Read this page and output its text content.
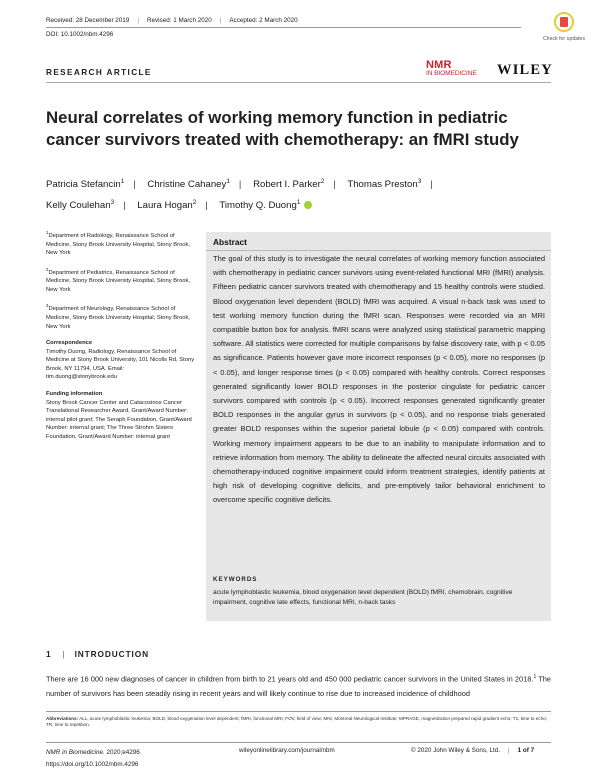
Received: 28 December 2019 | Revised: 1 March 2020 | Accepted: 2 March 2020
DOI: 10.1002/nbm.4296
Check for updates
RESEARCH ARTICLE
NMR
IN BIOMEDICINE	WILEY
Neural correlates of working memory function in pediatric cancer survivors treated with chemotherapy: an fMRI study
Patricia Stefancin$^1$ | Christine Cahaney$^1$ | Robert I. Parker$^2$ | Thomas Preston$^3$ |
Kelly Coulehan$^3$ | Laura Hogan$^2$ | Timothy Q. Duong$^1$
$^1$Department of Radiology, Renaissance School of Medicine, Stony Brook University Hospital, Stony Brook, New York
$^2$Department of Pediatrics, Renaissance School of Medicine, Stony Brook University Hospital, Stony Brook, New York
$^3$Department of Neurology, Renaissance School of Medicine, Stony Brook University Hospital, Stony Brook, New York
Correspondence
Timothy Duong, Radiology, Renaissance School of Medicine at Stony Brook University, 101 Nicolls Rd, Stony Brook, NY 11794, USA. Email: tim.duong@stonybrook.edu
Funding information
Stony Brook Cancer Center and Catacosinos Cancer Translational Researcher Award, Grant/Award Number: internal pilot grant; The Seraph Foundation, Grant/Award Number: internal grant; The Three Strohm Sisters Foundation, Grant/Award Number: internal grant
Abstract

The goal of this study is to investigate the neural correlates of working memory function associated with chemotherapy in pediatric cancer survivors using event-related functional MRI (fMRI) analysis. Fifteen pediatric cancer survivors treated with chemotherapy and 15 healthy controls were studied. Blood oxygenation level dependent (BOLD) fMRI was acquired. A visual n-back task was used to test working memory function during the fMRI scan. Responses were recorded via an MRI compatible button box for analysis. fMRI scans were analyzed using statistical parametric mapping software. All statistics were corrected for multiple comparisons by false discovery rate, with p < 0.05 as significance. Patients however gave more incorrect responses (p < 0.05), more no responses (p < 0.05), and longer response times (p < 0.05) compared with healthy controls. Correct responses generated significantly lower BOLD responses in the posterior cingulate for pediatric cancer survivors compared with controls (p < 0.05). Incorrect responses generated significantly greater BOLD responses in the angular gyrus in survivors (p < 0.05), and no response trials generated greater BOLD responses within the superior parietal lobule (p < 0.05) compared with controls. Working memory impairment appears to be due to an inability to manipulate information and to retrieve information from memory. The ability to delineate the affected neural circuits associated with chemotherapy-induced cognitive impairment could inform treatment strategies, identify patients at high risk of developing cognitive deficits, and pre-emptively tailor behavioral enrichment to overcome specific cognitive deficits.

KEYWORDS
acute lymphoblastic leukemia, blood oxygenation level dependent (BOLD) fMRI, chemobrain, cognitive impairment, cognitive late effects, functional MRI, n-back tasks
1 | INTRODUCTION

There are 16 000 new diagnoses of cancer in children from birth to 21 years old and 450 000 pediatric cancer survivors in the United States in 2018.$^1$ The number of survivors has been steadily rising in recent years and will likely continue to rise due to increased incidence of childhood

Abbreviations: ALL, acute lymphoblastic leukemia; BOLD, blood oxygenation level dependent; fMRI, functional MRI; FOV, field of view; MNI, Montreal Neurological Institute; MPRAGE, magnetization prepared rapid gradient echo; T1, time to echo; TR, time to repetition.
NMR in Biomedicine. 2020;e4296.
https://doi.org/10.1002/nbm.4296
wileyonlinelibrary.com/journal/nbm	© 2020 John Wiley & Sons, Ltd. | 1 of 7
